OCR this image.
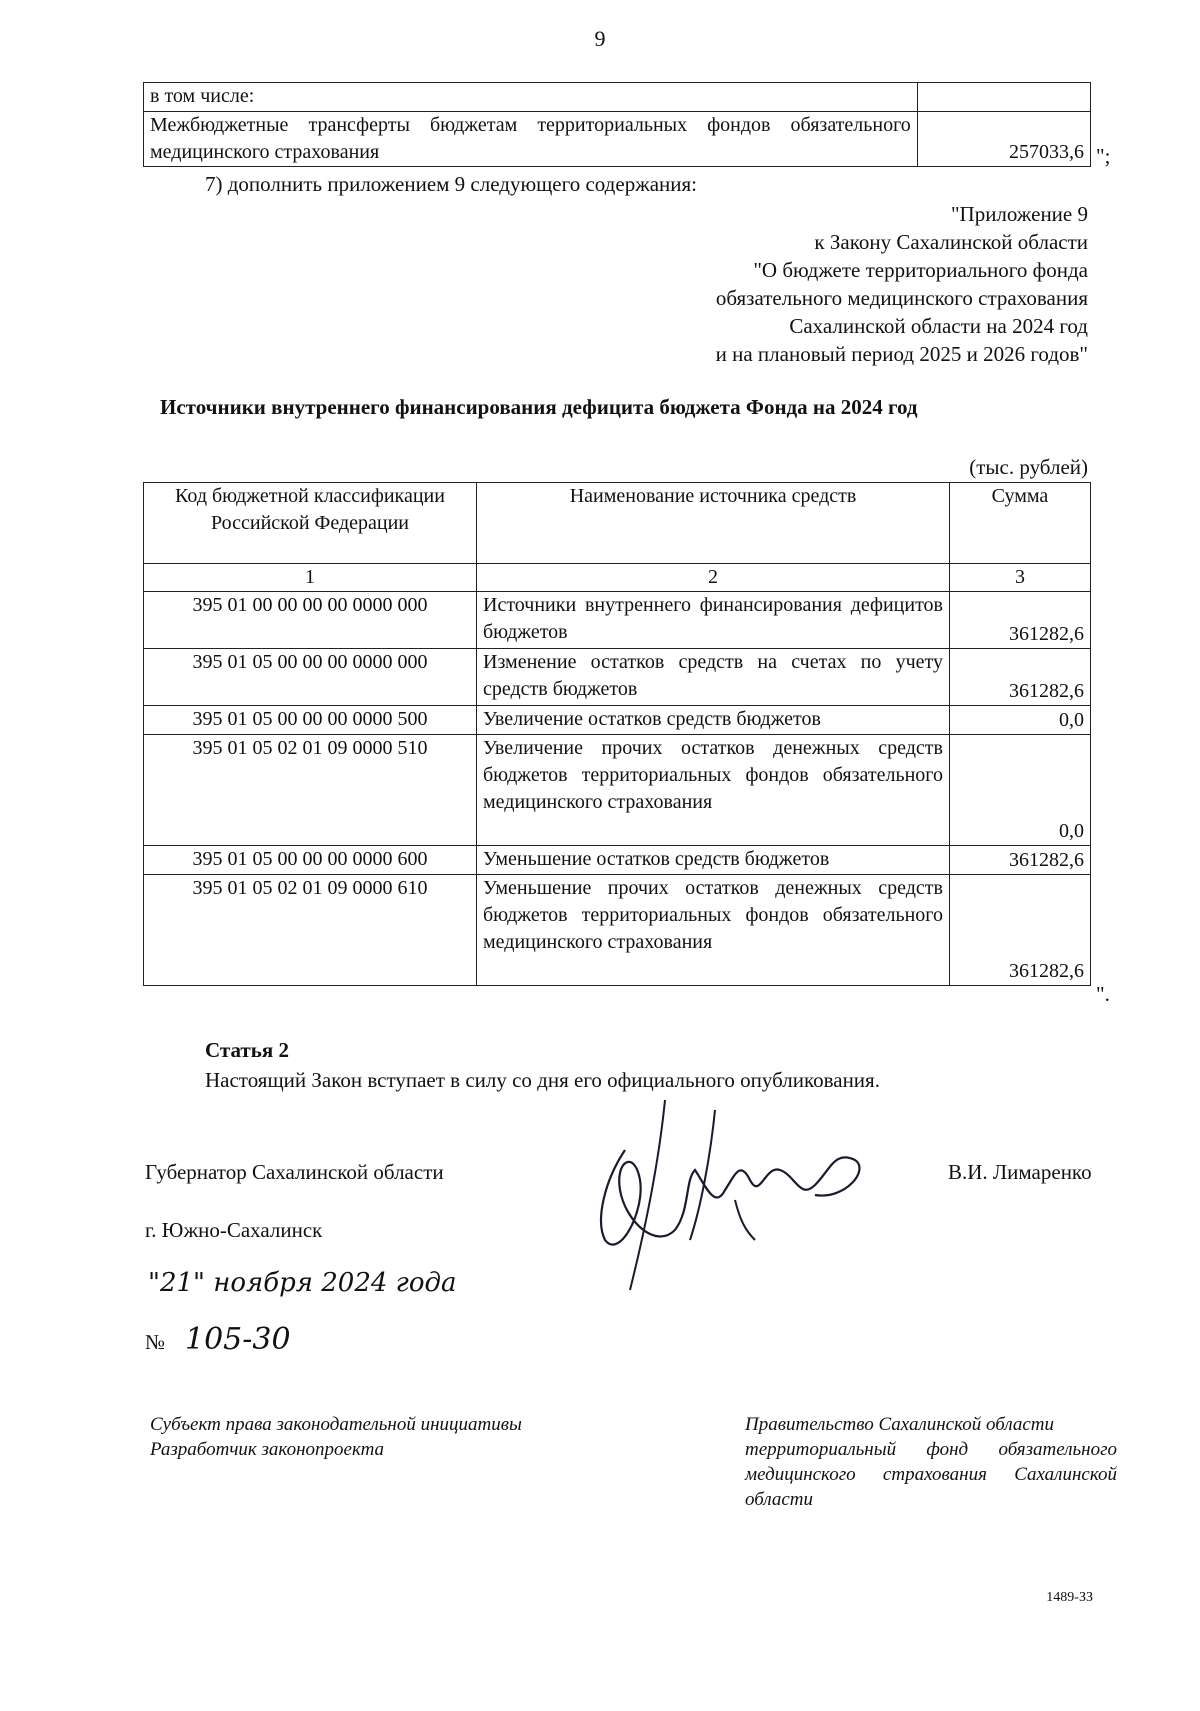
9
в том числе:	
Межбюджетные трансферты бюджетам территориальных фондов обязательного медицинского страхования	257033,6 ";
7) дополнить приложением 9 следующего содержания:
"Приложение 9
к Закону Сахалинской области
"О бюджете территориального фонда
обязательного медицинского страхования
Сахалинской области на 2024 год
и на плановый период 2025 и 2026 годов"
Источники внутреннего финансирования дефицита бюджета Фонда на 2024 год
(тыс. рублей)
Код бюджетной классификации Российской Федерации	Наименование источника средств	Сумма
1	2	3
395 01 00 00 00 00 0000 000	Источники внутреннего финансирования дефицитов бюджетов	361282,6
395 01 05 00 00 00 0000 000	Изменение остатков средств на счетах по учету средств бюджетов	361282,6
395 01 05 00 00 00 0000 500	Увеличение остатков средств бюджетов	0,0
395 01 05 02 01 09 0000 510	Увеличение прочих остатков денежных средств бюджетов территориальных фондов обязательного медицинского страхования	0,0
395 01 05 00 00 00 0000 600	Уменьшение остатков средств бюджетов	361282,6
395 01 05 02 01 09 0000 610	Уменьшение прочих остатков денежных средств бюджетов территориальных фондов обязательного медицинского страхования	361282,6
".
Статья 2
Настоящий Закон вступает в силу со дня его официального опубликования.
Губернатор Сахалинской области	В.И. Лимаренко
г. Южно-Сахалинск
"21" ноября 2024 года
№ 105-30
Субъект права законодательной инициативы
Разработчик законопроекта
Правительство Сахалинской области
территориальный фонд обязательного медицинского страхования Сахалинской области
1489-ЗЗ
